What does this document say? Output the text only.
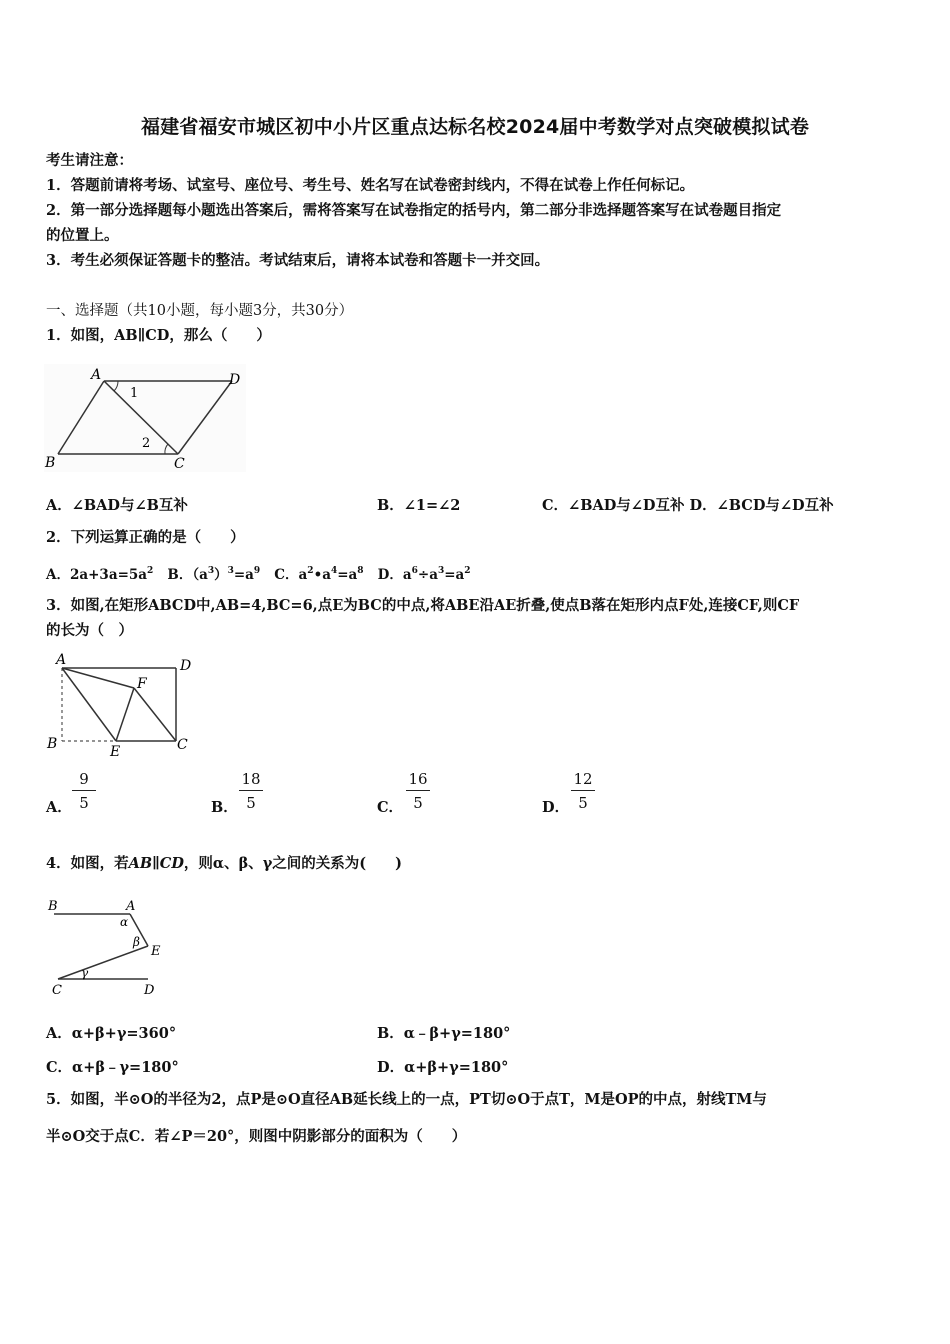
福建省福安市城区初中小片区重点达标名校2024届中考数学对点突破模拟试卷
考生请注意：
1．答题前请将考场、试室号、座位号、考生号、姓名写在试卷密封线内，不得在试卷上作任何标记。
2．第一部分选择题每小题选出答案后，需将答案写在试卷指定的括号内，第二部分非选择题答案写在试卷题目指定
的位置上。
3．考生必须保证答题卡的整洁。考试结束后，请将本试卷和答题卡一并交回。
一、选择题（共10小题，每小题3分，共30分）
1．如图，AB∥CD，那么（　　）
A	D
B	C
1
2
A．∠BAD与∠B互补	B．∠1=∠2	C．∠BAD与∠D互补 D．∠BCD与∠D互补
2．下列运算正确的是（　　）
A．$2a+3a=5a^2$ B．$(a^3)^3=a^9$ C．$a^2•a^4=a^8$ D．$a^6\div a^3=a^2$
3．如图,在矩形ABCD中,AB=4,BC=6,点E为BC的中点,将ABE沿AE折叠,使点B落在矩形内点F处,连接CF,则CF
的长为（　）
A	D
B	E	C
F
A． $\frac{9}{5}$	B． $\frac{18}{5}$	C． $\frac{16}{5}$	D． $\frac{12}{5}$
4．如图，若AB∥CD，则α、β、γ之间的关系为(　　)
B	A
E
C	D
α
β
γ
A．α+β+γ=360°	B．α﹣β+γ=180°
C．α+β﹣γ=180°	D．α+β+γ=180°
5．如图，半⊙O的半径为2，点P是⊙O直径AB延长线上的一点，PT切⊙O于点T，M是OP的中点，射线TM与
半⊙O交于点C．若∠P＝20°，则图中阴影部分的面积为（　　）
